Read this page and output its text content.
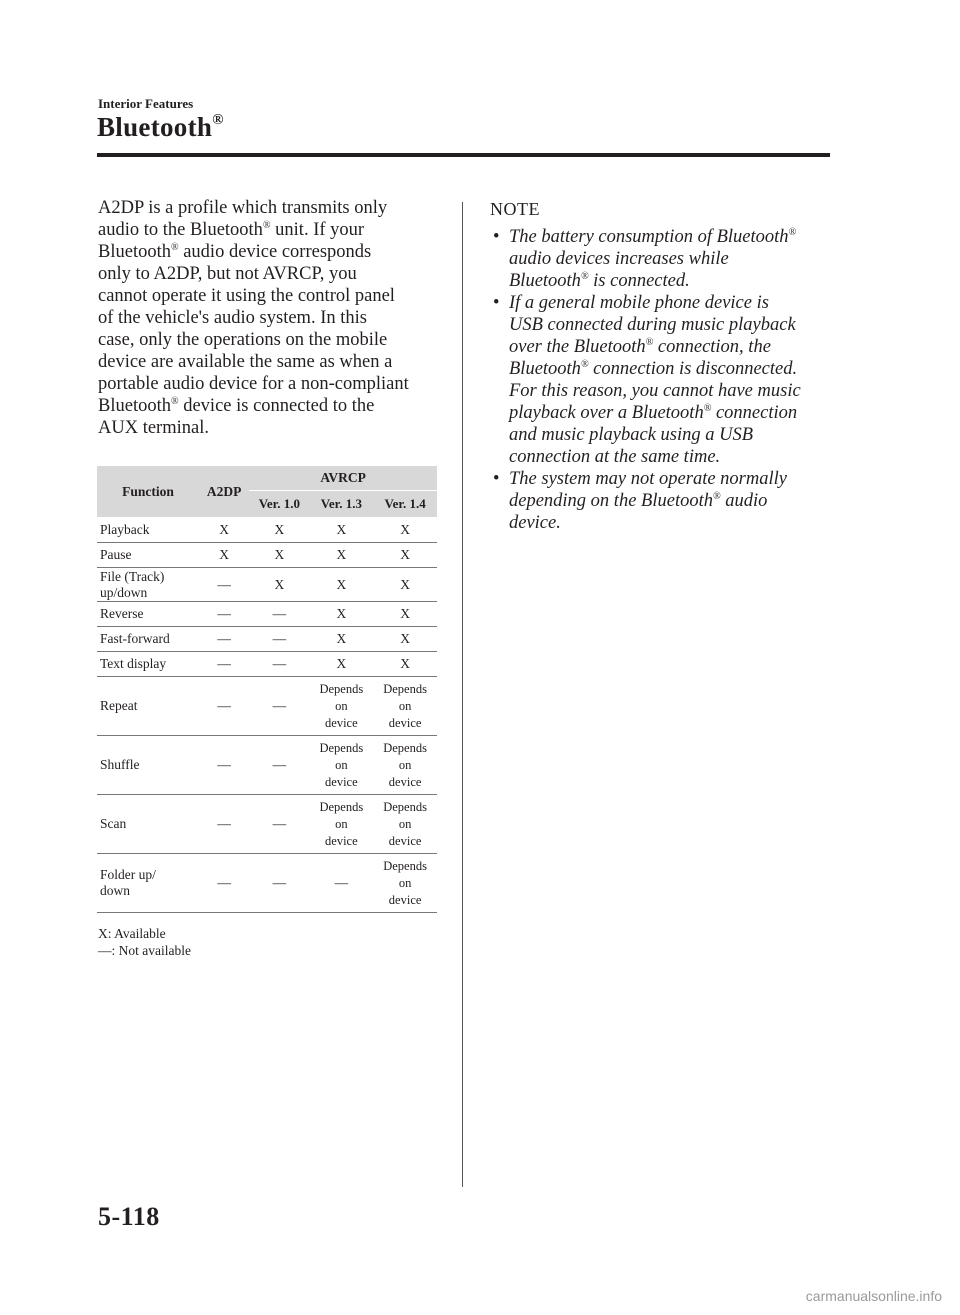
Interior Features
Bluetooth®
A2DP is a profile which transmits only
audio to the Bluetooth® unit. If your
Bluetooth® audio device corresponds
only to A2DP, but not AVRCP, you
cannot operate it using the control panel
of the vehicle's audio system. In this
case, only the operations on the mobile
device are available the same as when a
portable audio device for a non-compliant
Bluetooth® device is connected to the
AUX terminal.
Function	A2DP	AVRCP		
		Ver. 1.0	Ver. 1.3	Ver. 1.4
Playback	X	X	X	X
Pause	X	X	X	X
File (Track)
up/down	—	X	X	X
Reverse	—	—	X	X
Fast-forward	—	—	X	X
Text display	—	—	X	X
Repeat	—	—	Depends
on
device	Depends
on
device
Shuffle	—	—	Depends
on
device	Depends
on
device
Scan	—	—	Depends
on
device	Depends
on
device
Folder up/
down	—	—	—	Depends
on
device
X: Available
—: Not available
NOTE
• The battery consumption of Bluetooth®
audio devices increases while
Bluetooth® is connected.
• If a general mobile phone device is
USB connected during music playback
over the Bluetooth® connection, the
Bluetooth® connection is disconnected.
For this reason, you cannot have music
playback over a Bluetooth® connection
and music playback using a USB
connection at the same time.
• The system may not operate normally
depending on the Bluetooth® audio
device.
5-118
carmanualsonline.info
